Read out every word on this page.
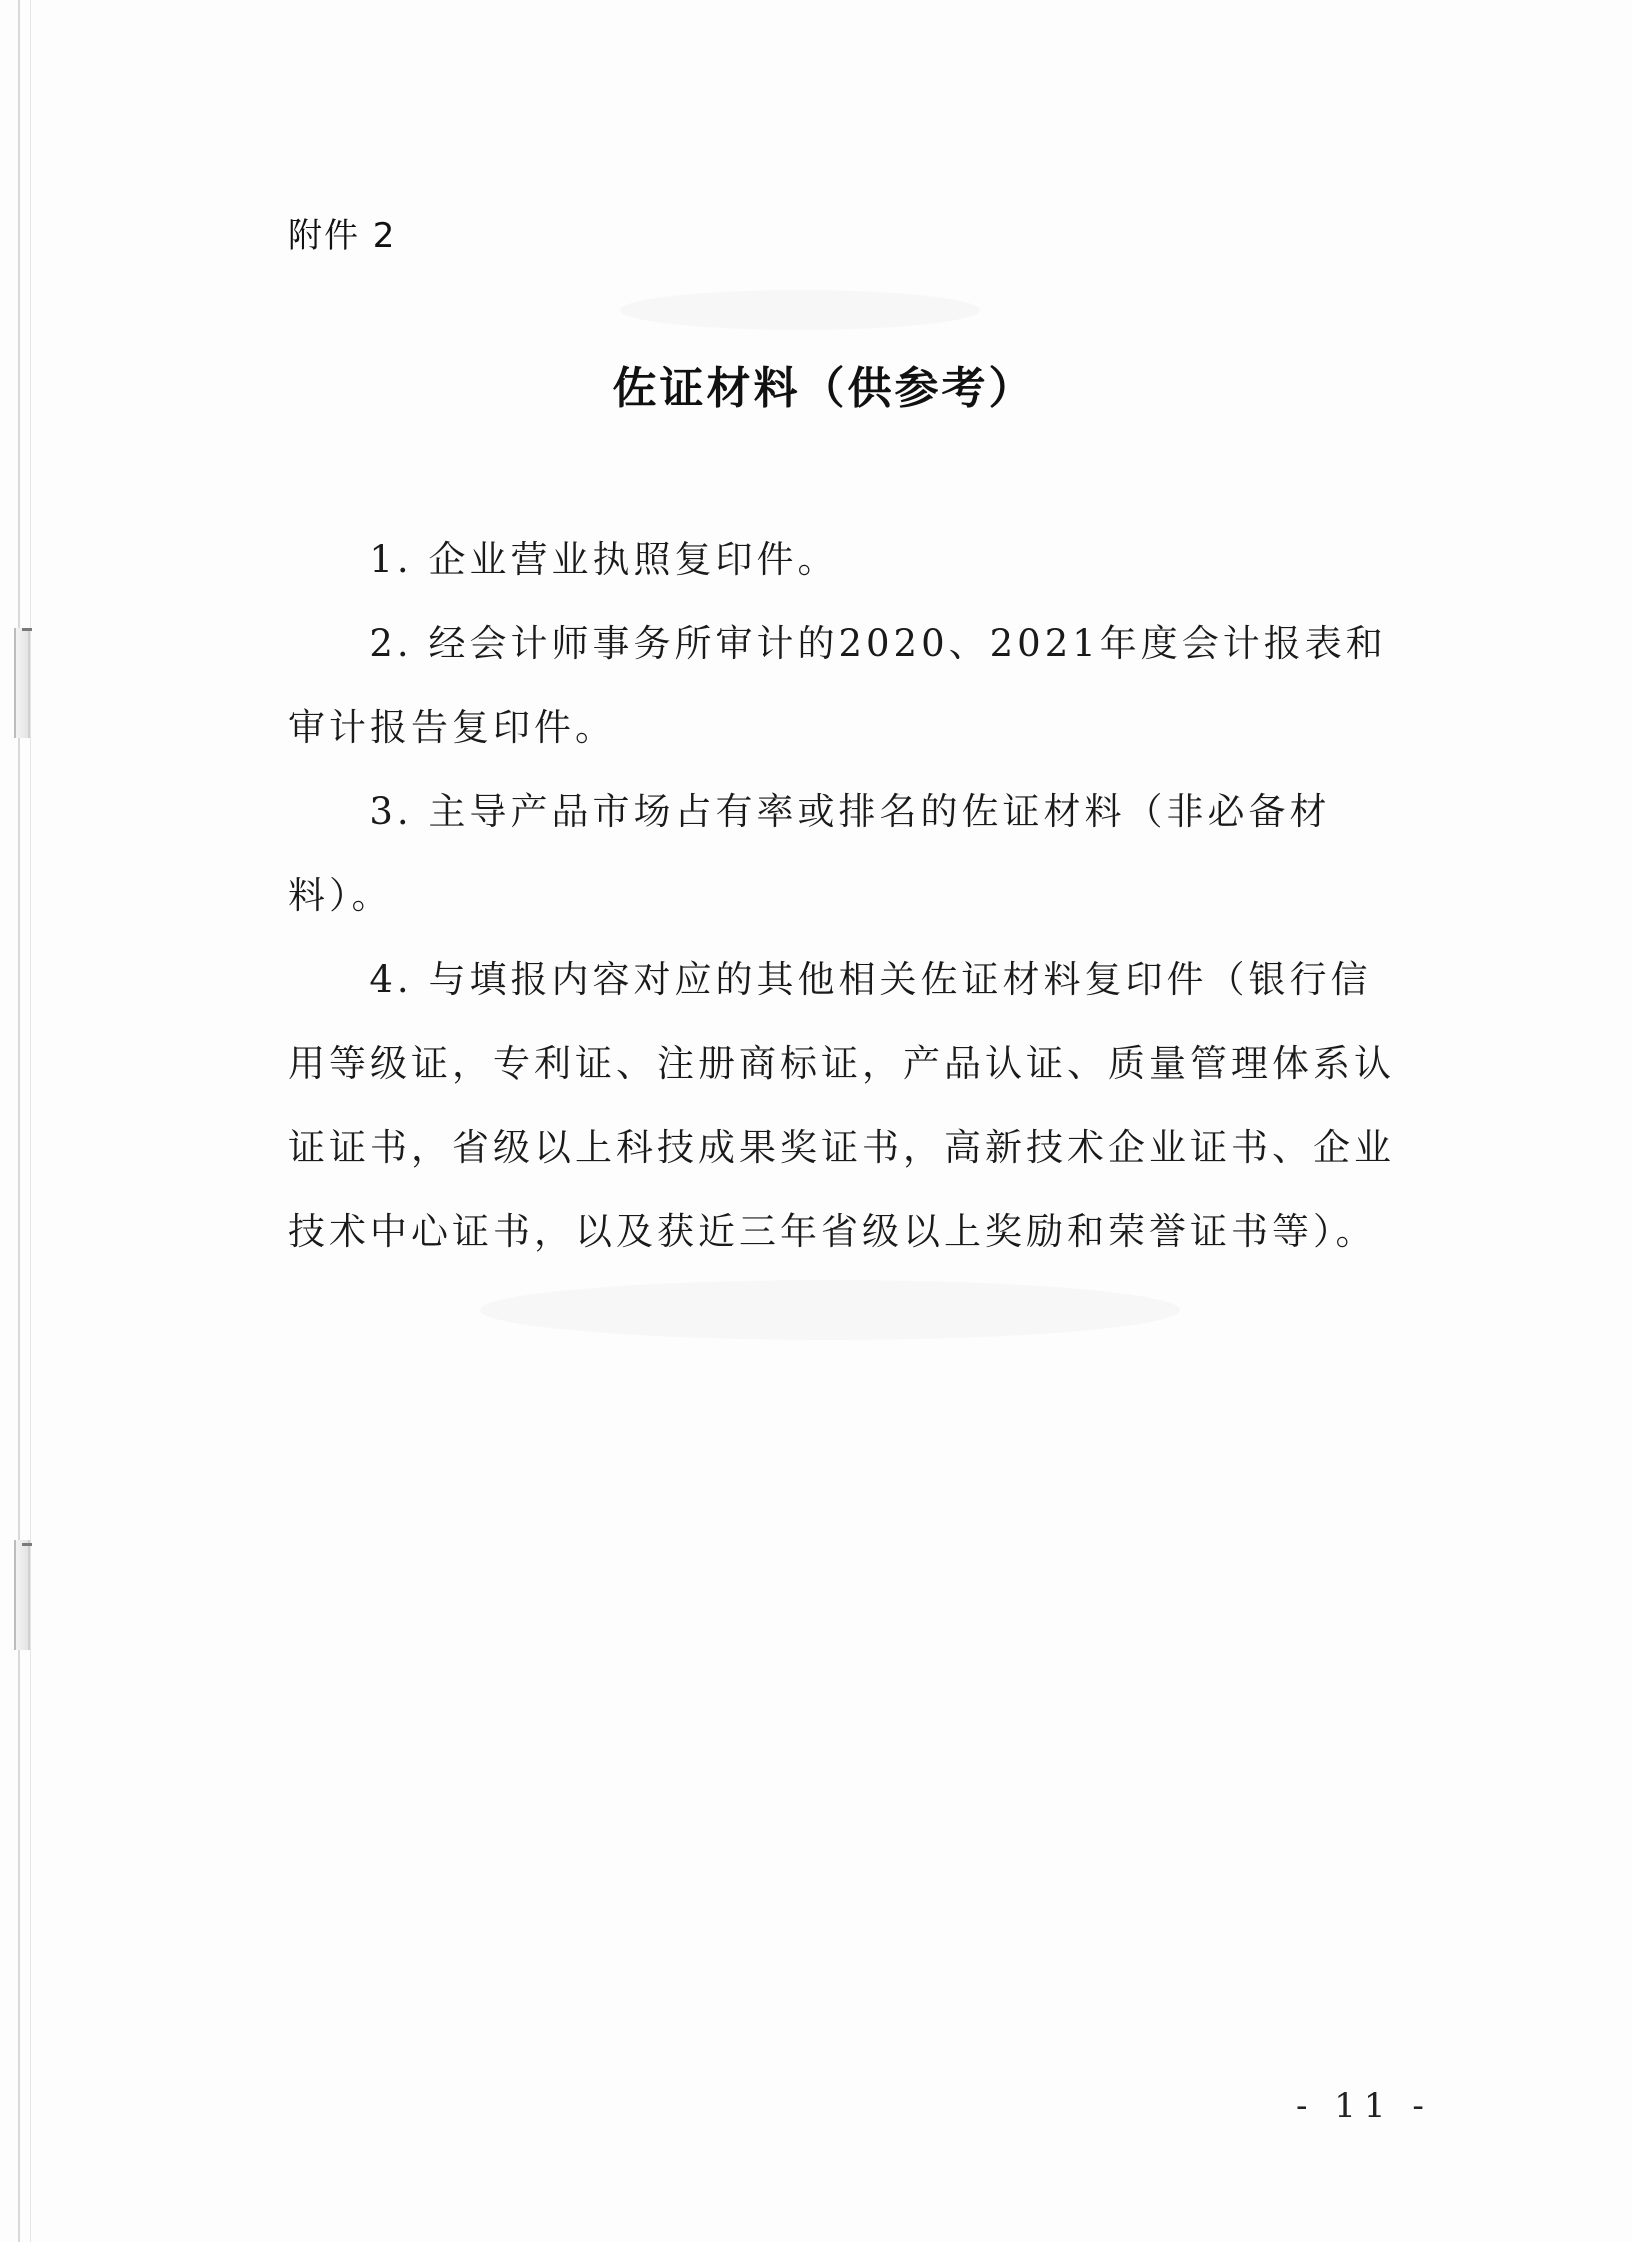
附件 2
佐证材料（供参考）

1. 企业营业执照复印件。

2. 经会计师事务所审计的2020、2021年度会计报表和审计报告复印件。

3. 主导产品市场占有率或排名的佐证材料（非必备材料）。

4. 与填报内容对应的其他相关佐证材料复印件（银行信用等级证，专利证、注册商标证，产品认证、质量管理体系认证证书，省级以上科技成果奖证书，高新技术企业证书、企业技术中心证书，以及获近三年省级以上奖励和荣誉证书等）。

- 11 -
